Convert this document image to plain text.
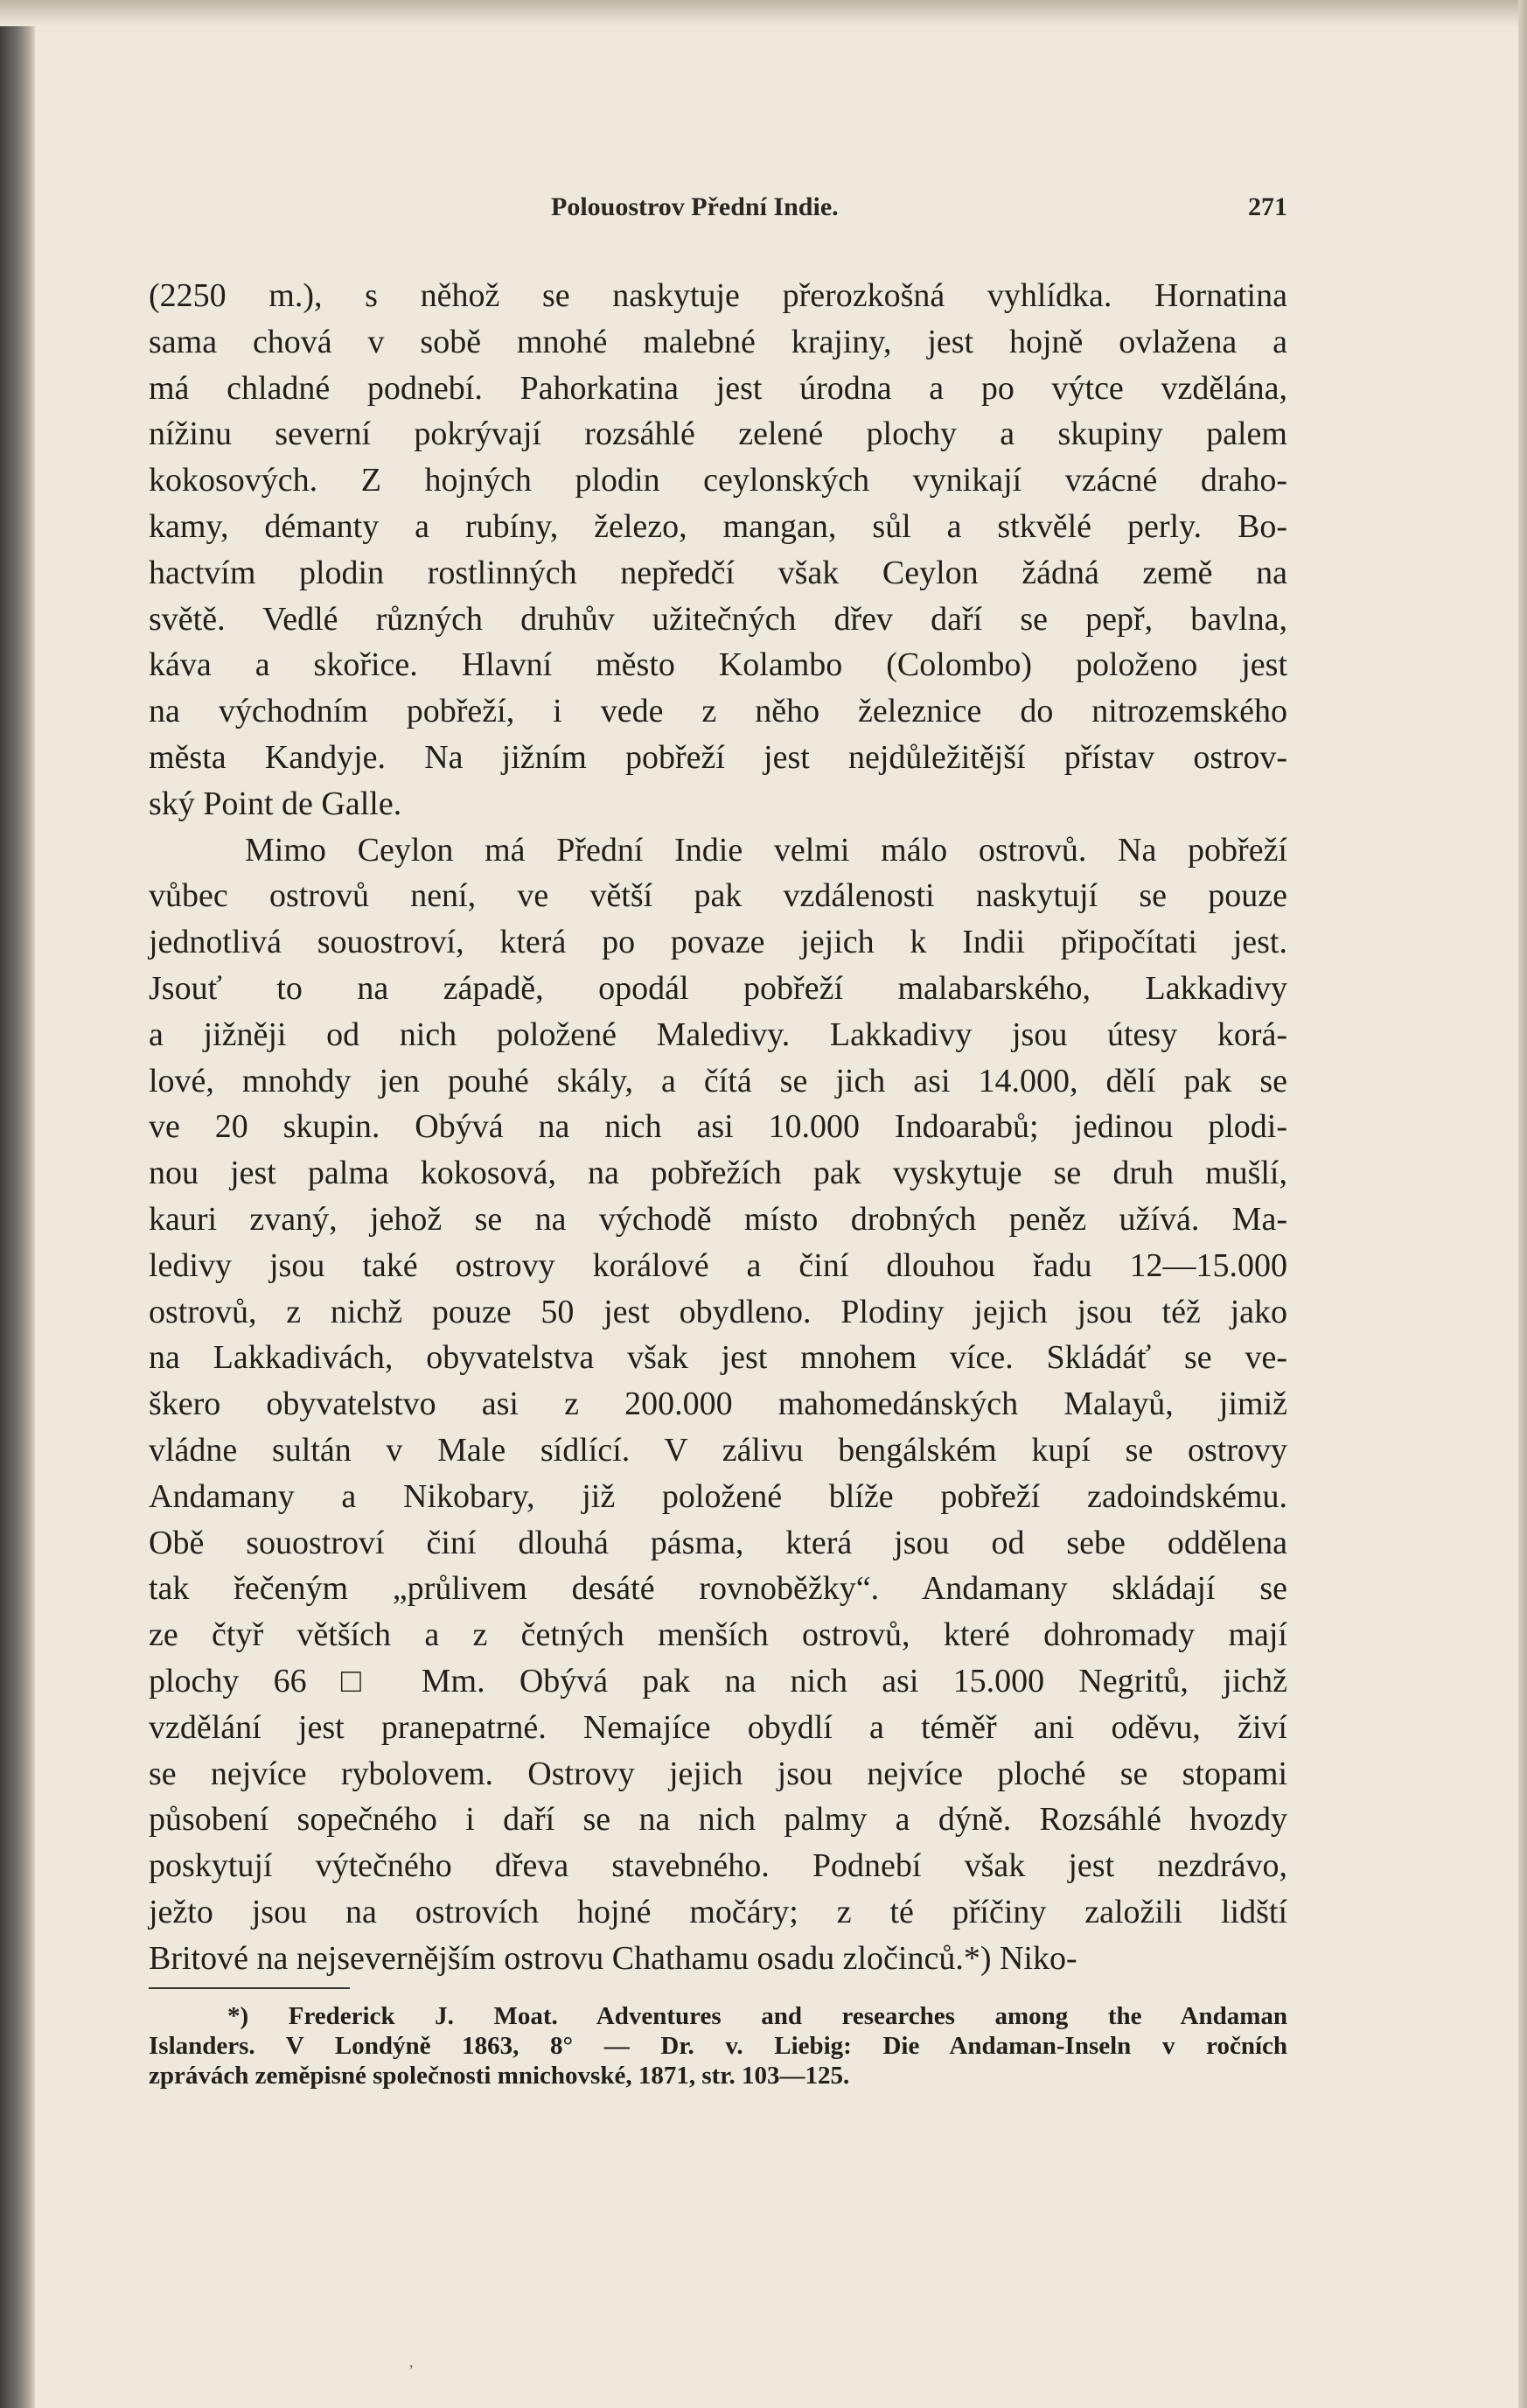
Polouostrov Přední Indie.	271
(2250 m.), s něhož se naskytuje přerozkošná vyhlídka. Hornatina
sama chová v sobě mnohé malebné krajiny, jest hojně ovlažena a
má chladné podnebí. Pahorkatina jest úrodna a po výtce vzdělána,
nížinu severní pokrývají rozsáhlé zelené plochy a skupiny palem
kokosových. Z hojných plodin ceylonských vynikají vzácné draho-
kamy, démanty a rubíny, železo, mangan, sůl a stkvělé perly. Bo-
hactvím plodin rostlinných nepředčí však Ceylon žádná země na
světě. Vedlé různých druhův užitečných dřev daří se pepř, bavlna,
káva a skořice. Hlavní město Kolambo (Colombo) položeno jest
na východním pobřeží, i vede z něho železnice do nitrozemského
města Kandyje. Na jižním pobřeží jest nejdůležitější přístav ostrov-
ský Point de Galle.
Mimo Ceylon má Přední Indie velmi málo ostrovů. Na pobřeží
vůbec ostrovů není, ve větší pak vzdálenosti naskytují se pouze
jednotlivá souostroví, která po povaze jejich k Indii připočítati jest.
Jsouť to na západě, opodál pobřeží malabarského, Lakkadivy
a jižněji od nich položené Maledivy. Lakkadivy jsou útesy korá-
lové, mnohdy jen pouhé skály, a čítá se jich asi 14.000, dělí pak se
ve 20 skupin. Obývá na nich asi 10.000 Indoarabů; jedinou plodi-
nou jest palma kokosová, na pobřežích pak vyskytuje se druh mušlí,
kauri zvaný, jehož se na východě místo drobných peněz užívá. Ma-
ledivy jsou také ostrovy korálové a činí dlouhou řadu 12—15.000
ostrovů, z nichž pouze 50 jest obydleno. Plodiny jejich jsou též jako
na Lakkadivách, obyvatelstva však jest mnohem více. Skládáť se ve-
škero obyvatelstvo asi z 200.000 mahomedánských Malayů, jimiž
vládne sultán v Male sídlící. V zálivu bengálském kupí se ostrovy
Andamany a Nikobary, již položené blíže pobřeží zadoindskému.
Obě souostroví činí dlouhá pásma, která jsou od sebe oddělena
tak řečeným „průlivem desáté rovnoběžky“. Andamany skládají se
ze čtyř větších a z četných menších ostrovů, které dohromady mají
plochy 66 □ Mm. Obývá pak na nich asi 15.000 Negritů, jichž
vzdělání jest pranepatrné. Nemajíce obydlí a téměř ani oděvu, živí
se nejvíce rybolovem. Ostrovy jejich jsou nejvíce ploché se stopami
působení sopečného i daří se na nich palmy a dýně. Rozsáhlé hvozdy
poskytují výtečného dřeva stavebného. Podnebí však jest nezdrávo,
ježto jsou na ostrovích hojné močáry; z té příčiny založili lidští
Britové na nejsevernějším ostrovu Chathamu osadu zločinců.*) Niko-
*) Frederick J. Moat. Adventures and researches among the Andaman
Islanders. V Londýně 1863, 8° — Dr. v. Liebig: Die Andaman-Inseln v ročních
zprávách zeměpisné společnosti mnichovské, 1871, str. 103—125.
,
